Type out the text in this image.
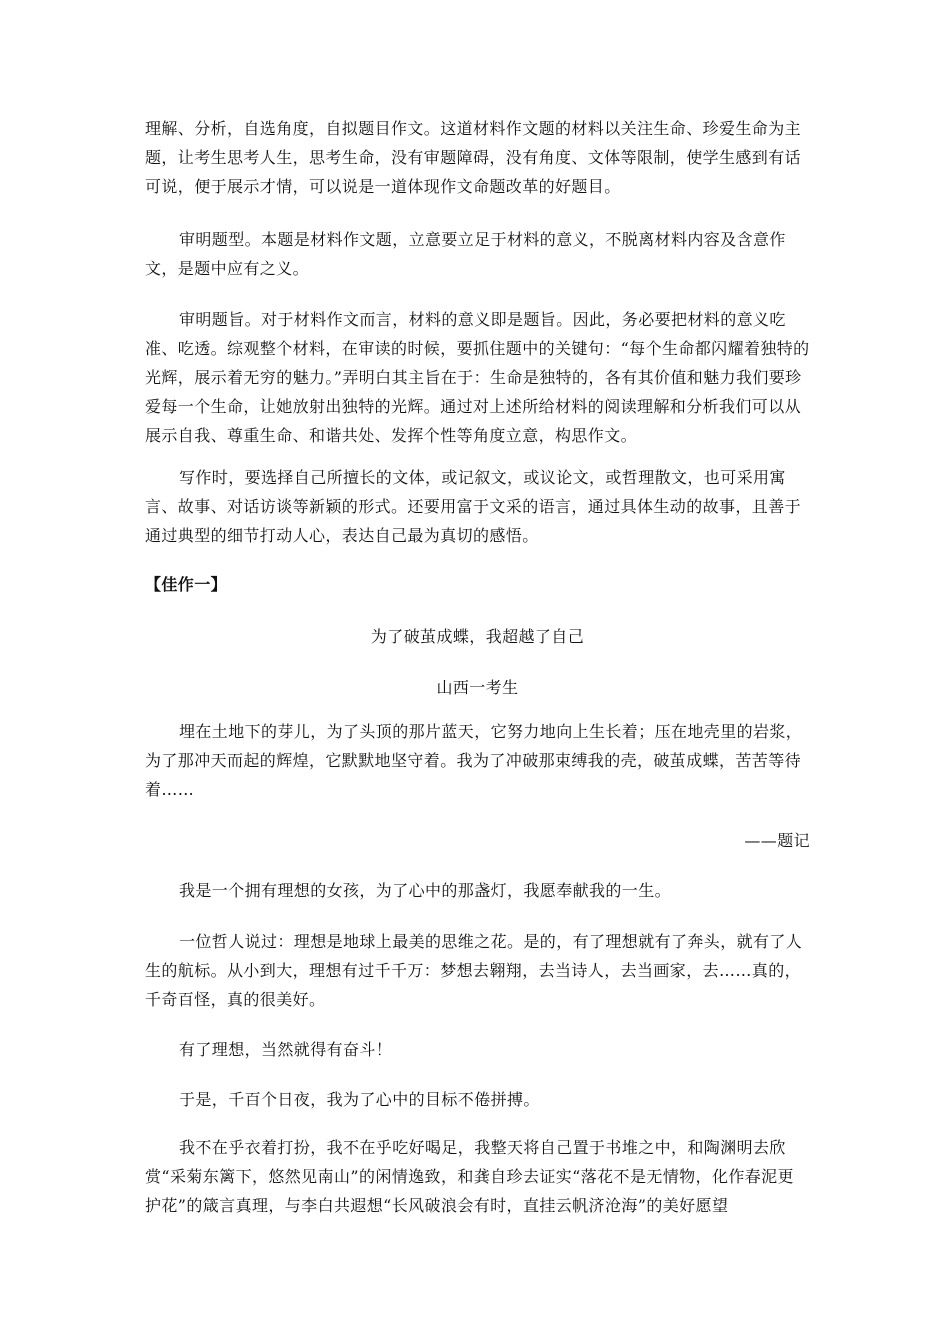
理解、分析，自选角度，自拟题目作文。这道材料作文题的材料以关注生命、珍爱生命为主题，让考生思考人生，思考生命，没有审题障碍，没有角度、文体等限制，使学生感到有话可说，便于展示才情，可以说是一道体现作文命题改革的好题目。

审明题型。本题是材料作文题，立意要立足于材料的意义，不脱离材料内容及含意作文，是题中应有之义。

审明题旨。对于材料作文而言，材料的意义即是题旨。因此，务必要把材料的意义吃准、吃透。综观整个材料，在审读的时候，要抓住题中的关键句：“每个生命都闪耀着独特的光辉，展示着无穷的魅力。”弄明白其主旨在于：生命是独特的，各有其价值和魅力我们要珍爱每一个生命，让她放射出独特的光辉。通过对上述所给材料的阅读理解和分析我们可以从展示自我、尊重生命、和谐共处、发挥个性等角度立意，构思作文。

写作时，要选择自己所擅长的文体，或记叙文，或议论文，或哲理散文，也可采用寓言、故事、对话访谈等新颖的形式。还要用富于文采的语言，通过具体生动的故事，且善于通过典型的细节打动人心，表达自己最为真切的感悟。

【佳作一】

为了破茧成蝶，我超越了自己

山西一考生

埋在土地下的芽儿，为了头顶的那片蓝天，它努力地向上生长着；压在地壳里的岩浆，为了那冲天而起的辉煌，它默默地坚守着。我为了冲破那束缚我的壳，破茧成蝶，苦苦等待着……

——题记

我是一个拥有理想的女孩，为了心中的那盏灯，我愿奉献我的一生。

一位哲人说过：理想是地球上最美的思维之花。是的，有了理想就有了奔头，就有了人生的航标。从小到大，理想有过千千万：梦想去翱翔，去当诗人，去当画家，去……真的，千奇百怪，真的很美好。

有了理想，当然就得有奋斗！

于是，千百个日夜，我为了心中的目标不倦拼搏。

我不在乎衣着打扮，我不在乎吃好喝足，我整天将自己置于书堆之中，和陶渊明去欣赏“采菊东篱下，悠然见南山”的闲情逸致，和龚自珍去证实“落花不是无情物，化作春泥更护花”的箴言真理，与李白共遐想“长风破浪会有时，直挂云帆济沧海”的美好愿望
